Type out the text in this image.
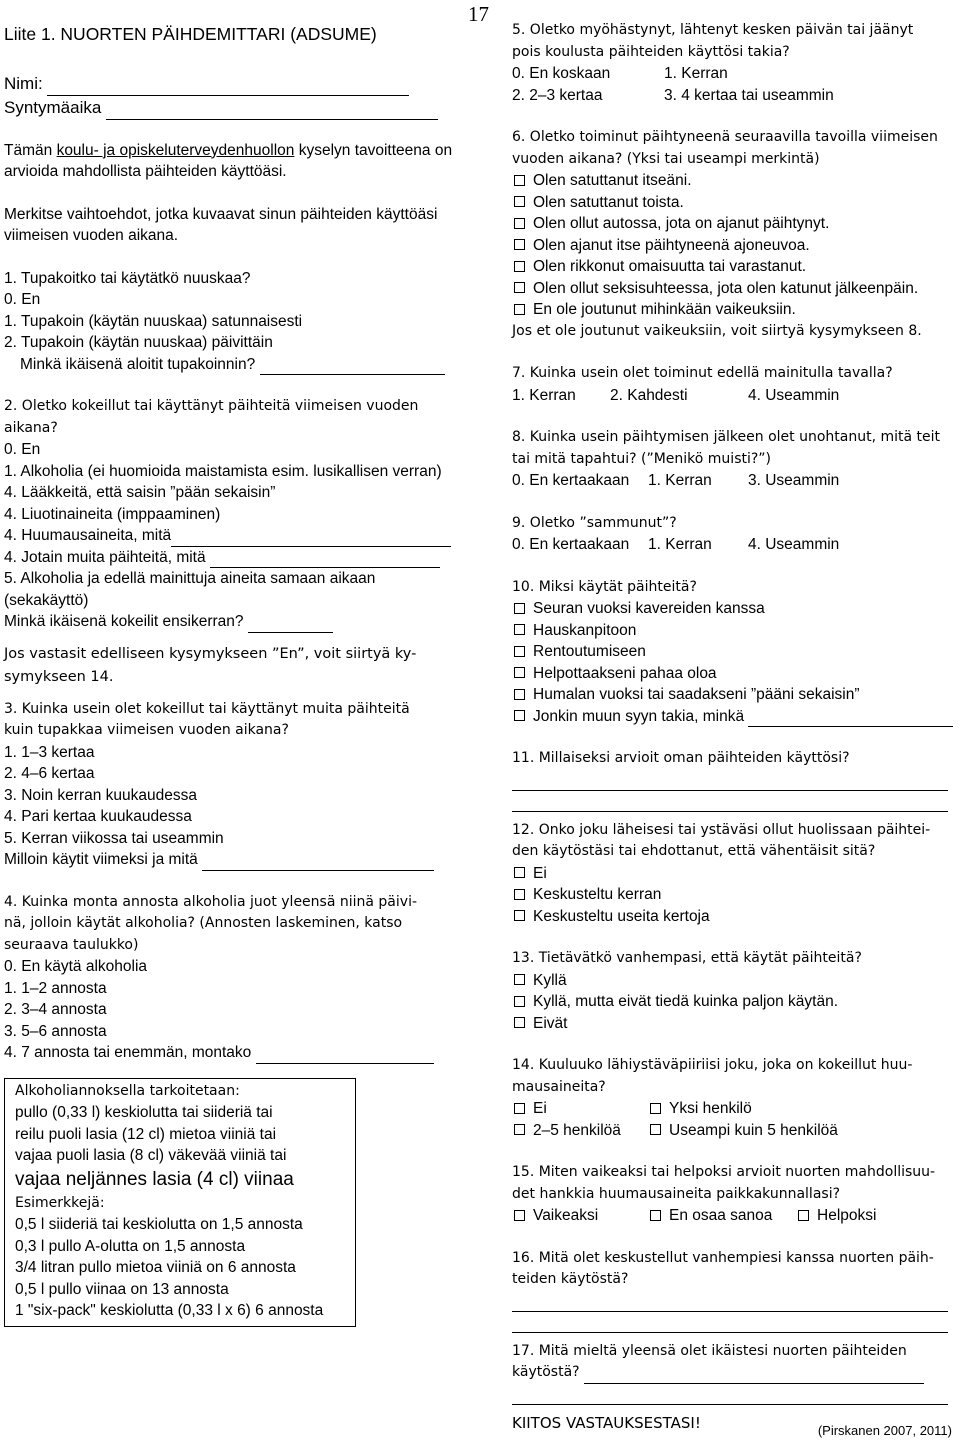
17
Liite 1. NUORTEN PÄIHDEMITTARI (ADSUME)
Nimi:
Syntymäaika
Tämän koulu- ja opiskeluterveydenhuollon kyselyn tavoitteena on
arvioida mahdollista päihteiden käyttöäsi.
Merkitse vaihtoehdot, jotka kuvaavat sinun päihteiden käyttöäsi
viimeisen vuoden aikana.
1. Tupakoitko tai käytätkö nuuskaa?
0. En
1. Tupakoin (käytän nuuskaa) satunnaisesti
2. Tupakoin (käytän nuuskaa) päivittäin
Minkä ikäisenä aloitit tupakoinnin?
2. Oletko kokeillut tai käyttänyt päihteitä viimeisen vuoden
aikana?
0. En
1. Alkoholia (ei huomioida maistamista esim. lusikallisen verran)
4. Lääkkeitä, että saisin ”pään sekaisin”
4. Liuotinaineita (imppaaminen)
4. Huumausaineita, mitä
4. Jotain muita päihteitä, mitä
5. Alkoholia ja edellä mainittuja aineita samaan aikaan
(sekakäyttö)
Minkä ikäisenä kokeilit ensikerran?
Jos vastasit edelliseen kysymykseen ”En”, voit siirtyä ky-
symykseen 14.
3. Kuinka usein olet kokeillut tai käyttänyt muita päihteitä
kuin tupakkaa viimeisen vuoden aikana?
1. 1–3 kertaa
2. 4–6 kertaa
3. Noin kerran kuukaudessa
4. Pari kertaa kuukaudessa
5. Kerran viikossa tai useammin
Milloin käytit viimeksi ja mitä
4. Kuinka monta annosta alkoholia juot yleensä niinä päivi-
nä, jolloin käytät alkoholia? (Annosten laskeminen, katso
seuraava taulukko)
0. En käytä alkoholia
1. 1–2 annosta
2. 3–4 annosta
3. 5–6 annosta
4. 7 annosta tai enemmän, montako
Alkoholiannoksella tarkoitetaan:
pullo (0,33 l) keskiolutta tai siideriä tai
reilu puoli lasia (12 cl) mietoa viiniä tai
vajaa puoli lasia (8 cl) väkevää viiniä tai
vajaa neljännes lasia (4 cl) viinaa
Esimerkkejä:
0,5 l siideriä tai keskiolutta on 1,5 annosta
0,3 l pullo A-olutta on 1,5 annosta
3/4 litran pullo mietoa viiniä on 6 annosta
0,5 l pullo viinaa on 13 annosta
1 "six-pack" keskiolutta (0,33 l x 6) 6 annosta
5. Oletko myöhästynyt, lähtenyt kesken päivän tai jäänyt
pois koulusta päihteiden käyttösi takia?
0. En koskaan	1. Kerran
2. 2–3 kertaa	3. 4 kertaa tai useammin
6. Oletko toiminut päihtyneenä seuraavilla tavoilla viimeisen
vuoden aikana? (Yksi tai useampi merkintä)
Olen satuttanut itseäni.
Olen satuttanut toista.
Olen ollut autossa, jota on ajanut päihtynyt.
Olen ajanut itse päihtyneenä ajoneuvoa.
Olen rikkonut omaisuutta tai varastanut.
Olen ollut seksisuhteessa, jota olen katunut jälkeenpäin.
En ole joutunut mihinkään vaikeuksiin.
Jos et ole joutunut vaikeuksiin, voit siirtyä kysymykseen 8.
7. Kuinka usein olet toiminut edellä mainitulla tavalla?
1. Kerran	2. Kahdesti	4. Useammin
8. Kuinka usein päihtymisen jälkeen olet unohtanut, mitä teit
tai mitä tapahtui? (”Menikö muisti?”)
0. En kertaakaan	1. Kerran	3. Useammin
9. Oletko ”sammunut”?
0. En kertaakaan	1. Kerran	4. Useammin
10. Miksi käytät päihteitä?
Seuran vuoksi kavereiden kanssa
Hauskanpitoon
Rentoutumiseen
Helpottaakseni pahaa oloa
Humalan vuoksi tai saadakseni ”pääni sekaisin”
Jonkin muun syyn takia, minkä
11. Millaiseksi arvioit oman päihteiden käyttösi?
12. Onko joku läheisesi tai ystäväsi ollut huolissaan päihtei-
den käytöstäsi tai ehdottanut, että vähentäisit sitä?
Ei
Keskusteltu kerran
Keskusteltu useita kertoja
13. Tietävätkö vanhempasi, että käytät päihteitä?
Kyllä
Kyllä, mutta eivät tiedä kuinka paljon käytän.
Eivät
14. Kuuluuko lähiystäväpiiriisi joku, joka on kokeillut huu-
mausaineita?
Ei	Yksi henkilö
2–5 henkilöä	Useampi kuin 5 henkilöä
15. Miten vaikeaksi tai helpoksi arvioit nuorten mahdollisuu-
det hankkia huumausaineita paikkakunnallasi?
Vaikeaksi	En osaa sanoa	Helpoksi
16. Mitä olet keskustellut vanhempiesi kanssa nuorten päih-
teiden käytöstä?
17. Mitä mieltä yleensä olet ikäistesi nuorten päihteiden
käytöstä?
KIITOS VASTAUKSESTASI!	(Pirskanen 2007, 2011)
